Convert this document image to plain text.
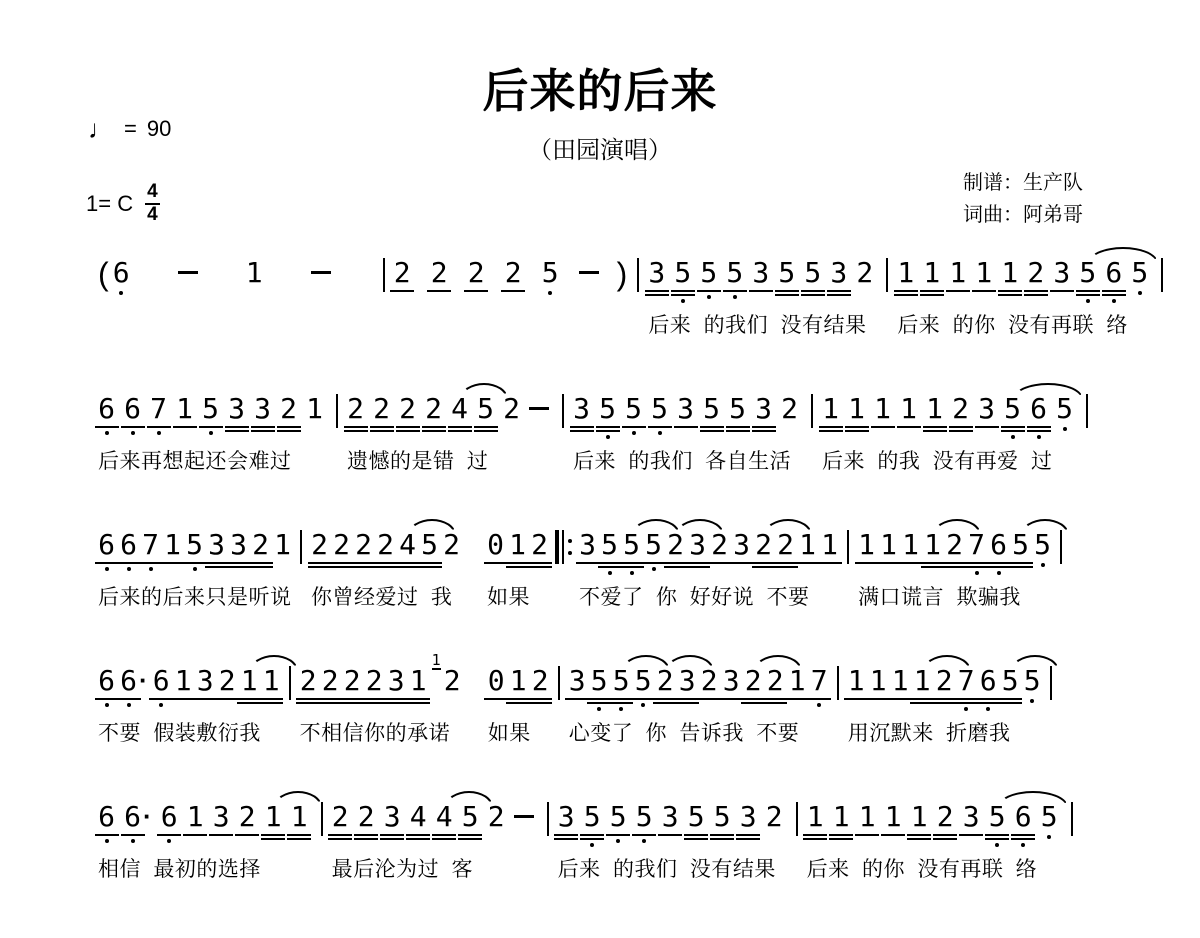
后来的后来
（田园演唱）
♩ = 90
1= C $\frac{4}{4}$	制谱：生产队
词曲：阿弟哥
( 6	1	2 2 2 2 5 ) 3 5 5 5 3 5 5 3 2
后来 的我们 没有结果
1 1 1 1 1 2 3 5 6 5
后来 的你 没有再联 络
6 6 7 1 5 3 3 2 1
后来再想起还会难过
2 2 2 2 4 5 2
遗憾的是错 过
3 5 5 5 3 5 5 3 2
后来 的我们 各自生活
1 1 1 1 1 2 3 5 6 5
后来 的我 没有再爱 过
6 6 7 1 5 3 3 2 1
后来的后来只是听说
2 2 2 2 4 5 2
你曾经爱过 我
0 1 2
如果
3 5 5 5 2 3 2 3 2 2 1 1
不爱了 你 好好说 不要
1 1 1 1 2 7 6 5 5
满口谎言 欺骗我
6 6 · 6 1 3 2 1 1
不要 假装敷衍我
2 2 2 2 3 1
1
2
不相信你的承诺
0 1 2
如果
3 5 5 5 2 3 2 3 2 2 1 7
心变了 你 告诉我 不要
1 1 1 1 2 7 6 5 5
用沉默来 折磨我
6 6 · 6 1 3 2 1 1
相信 最初的选择
2 2 3 4 4 5 2
最后沦为过 客
3 5 5 5 3 5 5 3 2
后来 的我们 没有结果
1 1 1 1 1 2 3 5 6 5
后来 的你 没有再联 络
